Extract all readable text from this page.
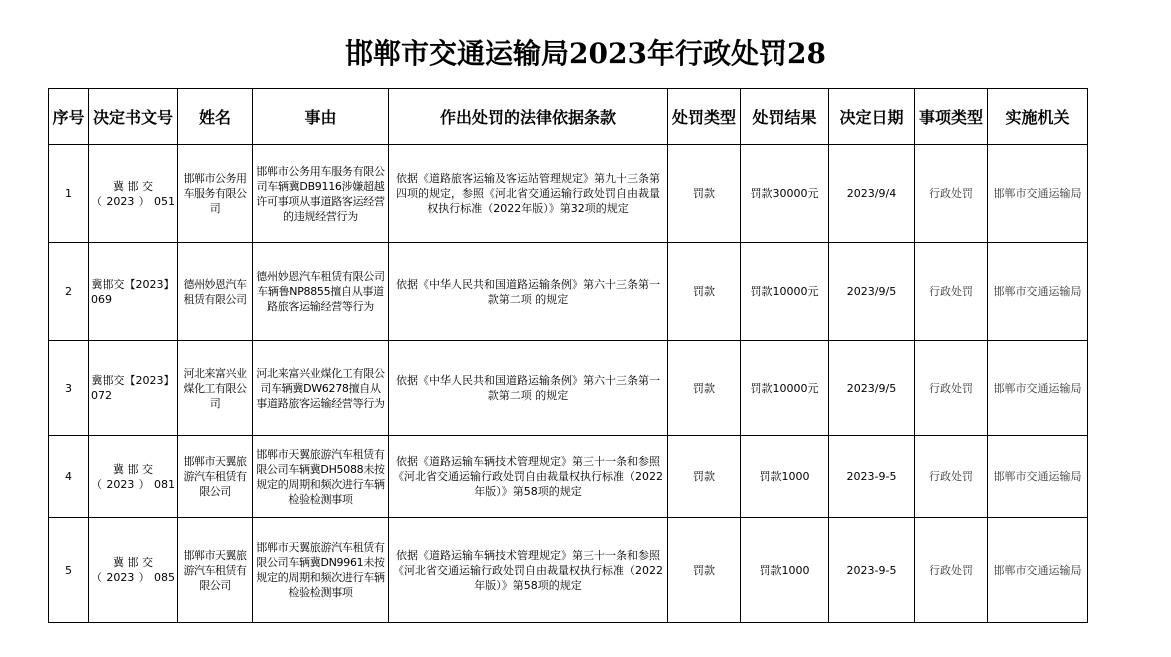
邯郸市交通运输局2023年行政处罚28
序号	决定书文号	姓名	事由	作出处罚的法律依据条款	处罚类型	处罚结果	决定日期	事项类型	实施机关
1	冀 邯 交（2023）051	邯郸市公务用车服务有限公司	邯郸市公务用车服务有限公司车辆冀DB9116涉嫌超越许可事项从事道路客运经营的违规经营行为	依据《道路旅客运输及客运站管理规定》第九十三条第四项的规定，参照《河北省交通运输行政处罚自由裁量权执行标准（2022年版）》第32项的规定	罚款	罚款30000元	2023/9/4	行政处罚	邯郸市交通运输局
2	冀邯交【2023】069	德州妙恩汽车租赁有限公司	德州妙恩汽车租赁有限公司车辆鲁NP8855擅自从事道路旅客运输经营等行为	依据《中华人民共和国道路运输条例》第六十三条第一款第二项 的规定	罚款	罚款10000元	2023/9/5	行政处罚	邯郸市交通运输局
3	冀邯交【2023】072	河北来富兴业煤化工有限公司	河北来富兴业煤化工有限公司车辆冀DW6278擅自从事道路旅客运输经营等行为	依据《中华人民共和国道路运输条例》第六十三条第一款第二项 的规定	罚款	罚款10000元	2023/9/5	行政处罚	邯郸市交通运输局
4	冀 邯 交（2023）081	邯郸市天翼旅游汽车租赁有限公司	邯郸市天翼旅游汽车租赁有限公司车辆冀DH5088未按规定的周期和频次进行车辆检验检测事项	依据《道路运输车辆技术管理规定》第三十一条和参照《河北省交通运输行政处罚自由裁量权执行标准（2022年版）》第58项的规定	罚款	罚款1000	2023-9-5	行政处罚	邯郸市交通运输局
5	冀 邯 交（2023）085	邯郸市天翼旅游汽车租赁有限公司	邯郸市天翼旅游汽车租赁有限公司车辆冀DN9961未按规定的周期和频次进行车辆检验检测事项	依据《道路运输车辆技术管理规定》第三十一条和参照《河北省交通运输行政处罚自由裁量权执行标准（2022年版）》第58项的规定	罚款	罚款1000	2023-9-5	行政处罚	邯郸市交通运输局
